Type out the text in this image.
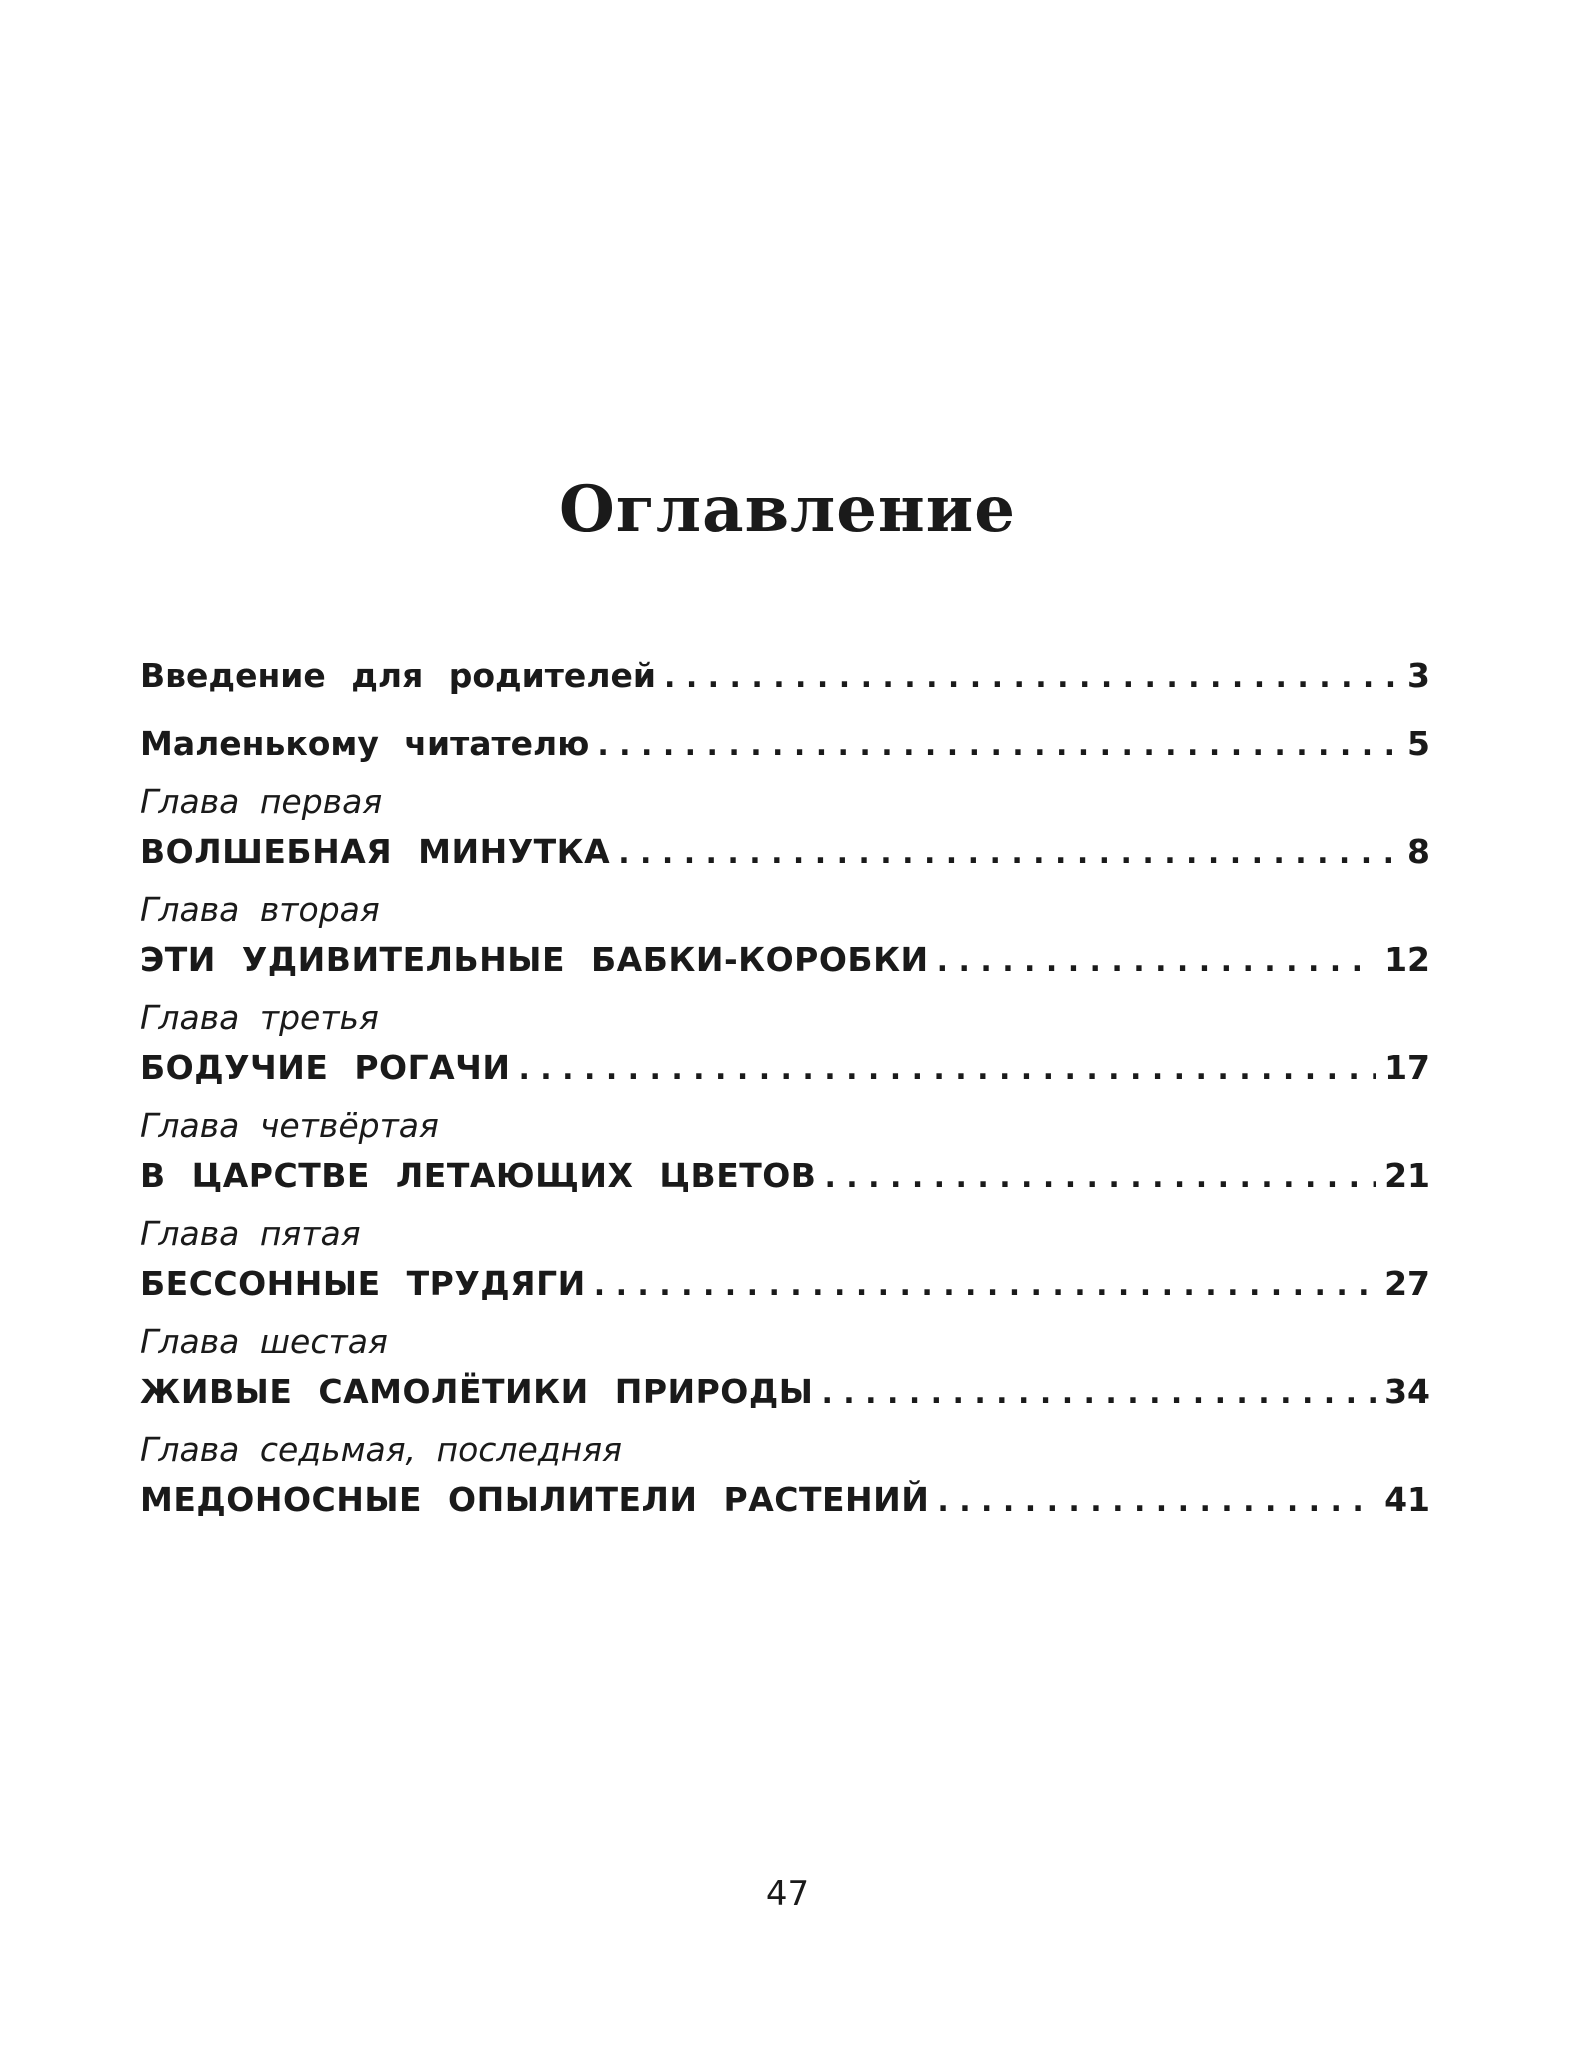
Оглавление
Введение для родителей . . .	3
Маленькому читателю . . .	5
Глава первая
ВОЛШЕБНАЯ МИНУТКА . . .	8
Глава вторая
ЭТИ УДИВИТЕЛЬНЫЕ БАБКИ-КОРОБКИ . . .	12
Глава третья
БОДУЧИЕ РОГАЧИ . . .	17
Глава четвёртая
В ЦАРСТВЕ ЛЕТАЮЩИХ ЦВЕТОВ . . .	21
Глава пятая
БЕССОННЫЕ ТРУДЯГИ . . .	27
Глава шестая
ЖИВЫЕ САМОЛЁТИКИ ПРИРОДЫ . . .	34
Глава седьмая, последняя
МЕДОНОСНЫЕ ОПЫЛИТЕЛИ РАСТЕНИЙ . . .	41
47
